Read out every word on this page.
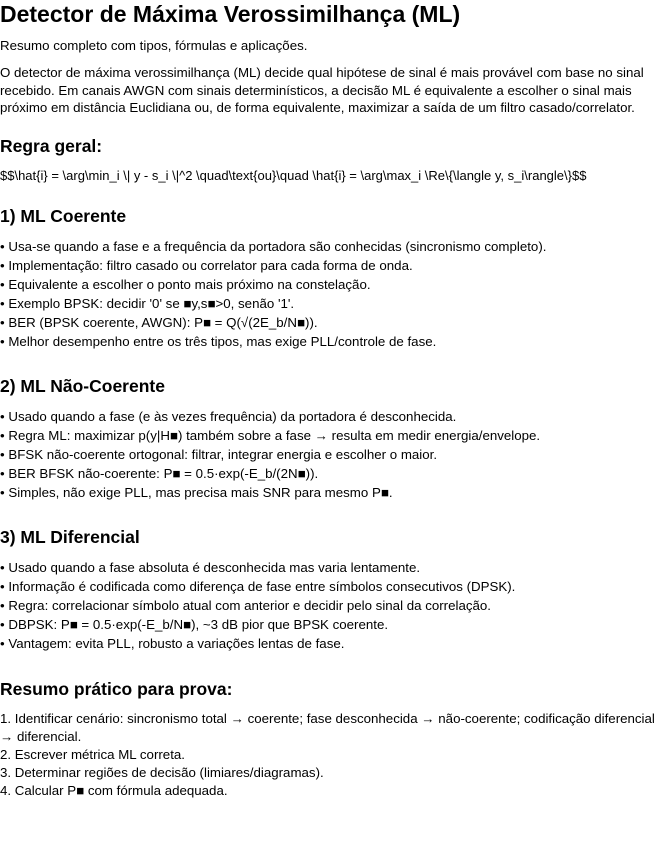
Detector de Máxima Verossimilhança (ML)

Resumo completo com tipos, fórmulas e aplicações.

O detector de máxima verossimilhança (ML) decide qual hipótese de sinal é mais provável com base no sinal recebido. Em canais AWGN com sinais determinísticos, a decisão ML é equivalente a escolher o sinal mais próximo em distância Euclidiana ou, de forma equivalente, maximizar a saída de um filtro casado/correlator.

Regra geral:

$$\hat{i} = \arg\min_i \| y - s_i \|^2 \quad\text{ou}\quad \hat{i} = \arg\max_i \Re\{\langle y, s_i\rangle\}$$

1) ML Coerente
• Usa-se quando a fase e a frequência da portadora são conhecidas (sincronismo completo).
• Implementação: filtro casado ou correlator para cada forma de onda.
• Equivalente a escolher o ponto mais próximo na constelação.
• Exemplo BPSK: decidir '0' se ■y,s■>0, senão '1'.
• BER (BPSK coerente, AWGN): P■ = Q(√(2E_b/N■)).
• Melhor desempenho entre os três tipos, mas exige PLL/controle de fase.
2) ML Não-Coerente
• Usado quando a fase (e às vezes frequência) da portadora é desconhecida.
• Regra ML: maximizar p(y|H■) também sobre a fase → resulta em medir energia/envelope.
• BFSK não-coerente ortogonal: filtrar, integrar energia e escolher o maior.
• BER BFSK não-coerente: P■ = 0.5·exp(-E_b/(2N■)).
• Simples, não exige PLL, mas precisa mais SNR para mesmo P■.
3) ML Diferencial
• Usado quando a fase absoluta é desconhecida mas varia lentamente.
• Informação é codificada como diferença de fase entre símbolos consecutivos (DPSK).
• Regra: correlacionar símbolo atual com anterior e decidir pelo sinal da correlação.
• DBPSK: P■ = 0.5·exp(-E_b/N■), ~3 dB pior que BPSK coerente.
• Vantagem: evita PLL, robusto a variações lentas de fase.
Resumo prático para prova:
1. Identificar cenário: sincronismo total → coerente; fase desconhecida → não-coerente; codificação diferencial → diferencial.
2. Escrever métrica ML correta.
3. Determinar regiões de decisão (limiares/diagramas).
4. Calcular P■ com fórmula adequada.
